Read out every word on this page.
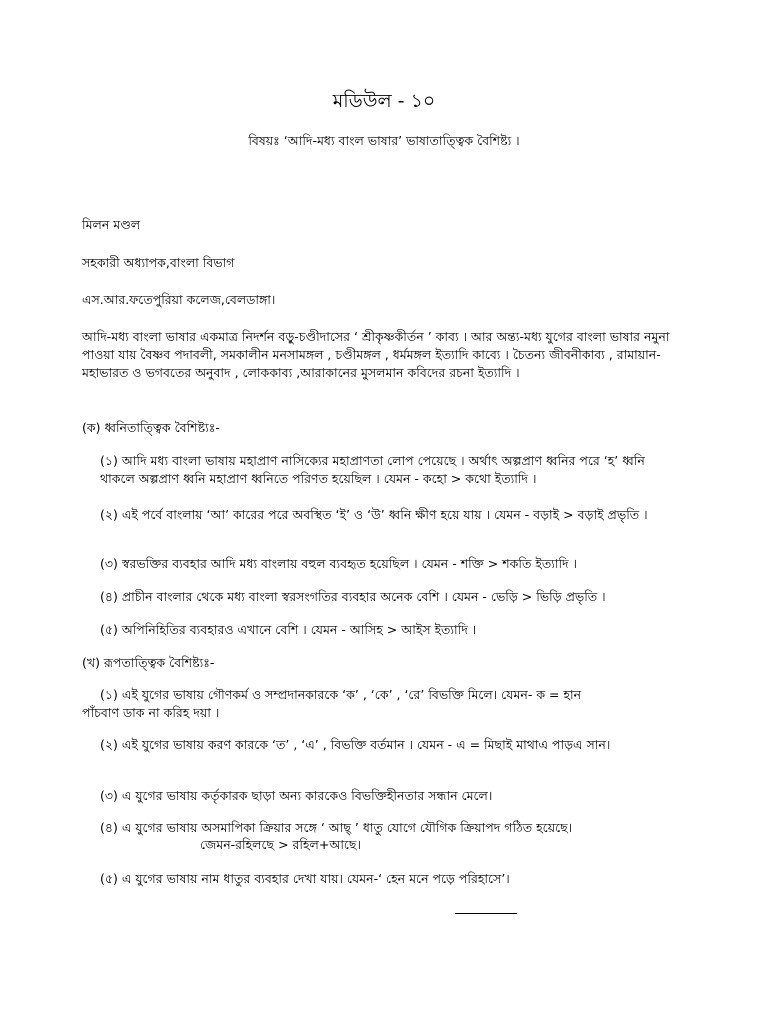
মডিউল - ১০
বিষয়ঃ ‘আদি-মধ্য বাংল ভাষার’ ভাষাতাত্ত্বিক বৈশিষ্ট্য ।
মিলন মণ্ডল
সহকারী অধ্যাপক,বাংলা বিভাগ
এস.আর.ফতেপুরিয়া কলেজ,বেলডাঙ্গা।
আদি-মধ্য বাংলা ভাষার একমাত্র নিদর্শন বড়ু-চণ্ডীদাসের ‘ শ্রীকৃষ্ণকীর্তন ’ কাব্য । আর অন্ত্য-মধ্য যুগের বাংলা ভাষার নমুনা পাওয়া যায় বৈষ্ণব পদাবলী, সমকালীন মনসামঙ্গল , চণ্ডীমঙ্গল , ধর্মমঙ্গল ইত্যাদি কাব্যে । চৈতন্য জীবনীকাব্য , রামায়ান- মহাভারত ও ভগবতের অনুবাদ , লোককাব্য ,আরাকানের মুসলমান কবিদের রচনা ইত্যাদি ।
(ক) ধ্বনিতাত্ত্বিক বৈশিষ্ট্যঃ-
(১) আদি মধ্য বাংলা ভাষায় মহাপ্রাণ নাসিক্যের মহাপ্রাণতা লোপ পেয়েছে । অর্থাৎ অল্পপ্রাণ ধ্বনির পরে ‘হ’ ধ্বনি থাকলে অল্পপ্রাণ ধ্বনি মহাপ্রাণ ধ্বনিতে পরিণত হয়েছিল । যেমন - কহো > কথো ইত্যাদি ।
(২) এই পর্বে বাংলায় ‘আ’ কারের পরে অবস্থিত ‘ই’ ও ‘উ’ ধ্বনি ক্ষীণ হয়ে যায় । যেমন - বড়াই > বড়াই প্রভৃতি ।
(৩) স্বরভক্তির ব্যবহার আদি মধ্য বাংলায় বহুল ব্যবহৃত হয়েছিল । যেমন - শক্তি > শকতি ইত্যাদি ।
(৪) প্রাচীন বাংলার থেকে মধ্য বাংলা স্বরসংগতির ব্যবহার অনেক বেশি । যেমন - ভেড়ি > ভিড়ি প্রভৃতি ।
(৫) অপিনিহিতির ব্যবহারও এখানে বেশি । যেমন - আসিহ > আইস ইত্যাদি ।
(খ) রূপতাত্ত্বিক বৈশিষ্ট্যঃ-
(১) এই যুগের ভাষায় গৌণকর্ম ও সম্প্রদানকারকে ‘ক’ , ‘কে’ , ‘রে’ বিভক্তি মিলে। যেমন- ক = হান
পাঁচবাণ ডাক না করিহ দয়া ।
(২) এই যুগের ভাষায় করণ কারকে ‘ত’ , ‘এ’ , বিভক্তি বর্তমান । যেমন - এ = মিছাই মাথাএ পাড়এ সান।
(৩) এ যুগের ভাষায় কর্তৃকারক ছাড়া অন্য কারকেও বিভক্তিহীনতার সন্ধান মেলে।
(৪) এ যুগের ভাষায় অসমাপিকা ক্রিয়ার সঙ্গে ‘ আছ্‌ ’ ধাতু যোগে যৌগিক ক্রিয়াপদ গঠিত হয়েছে।
জেমন-রহিলছে > রহিল+আছে।
(৫) এ যুগের ভাষায় নাম ধাতুর ব্যবহার দেখা যায়। যেমন-‘ হেন মনে পড়ে পরিহাসে’।
